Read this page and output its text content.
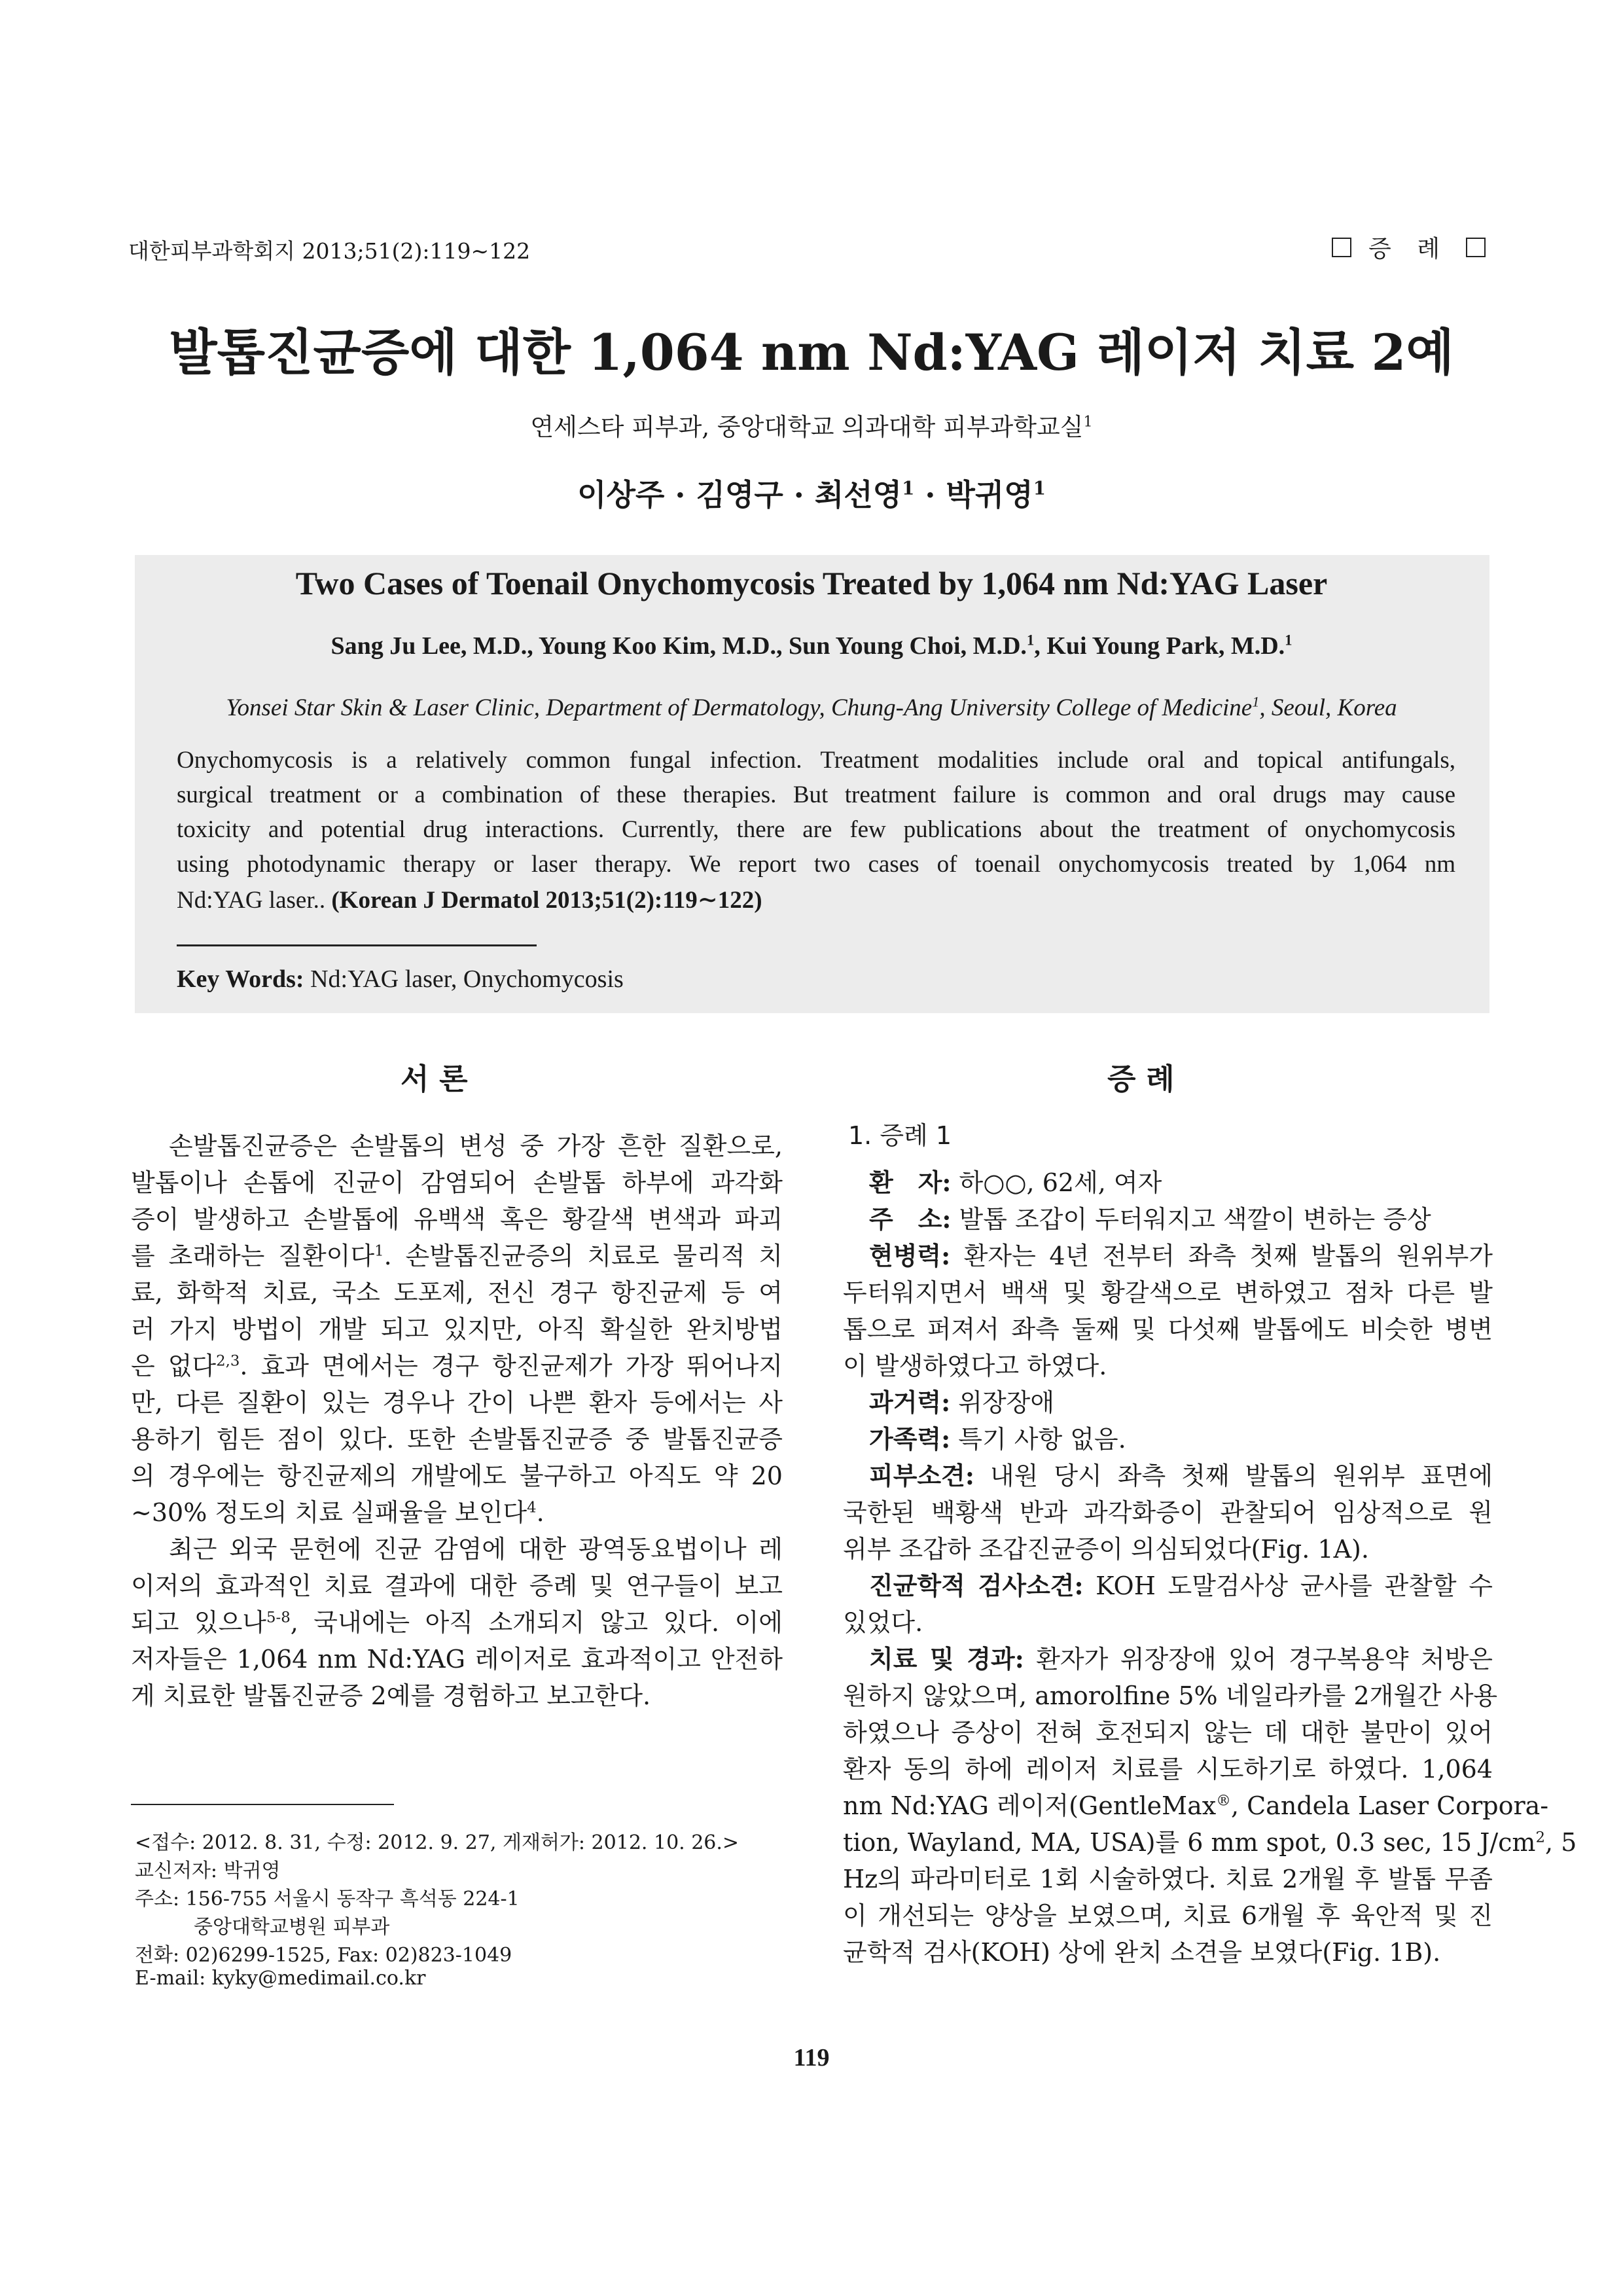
대한피부과학회지 2013;51(2):119∼122	증 례
발톱진균증에 대한 1,064 nm Nd:YAG 레이저 치료 2예
연세스타 피부과, 중앙대학교 의과대학 피부과학교실$^1$
이상주 · 김영구 · 최선영$^1$ · 박귀영$^1$
Two Cases of Toenail Onychomycosis Treated by 1,064 nm Nd:YAG Laser
Sang Ju Lee, M.D., Young Koo Kim, M.D., Sun Young Choi, M.D.$^1$, Kui Young Park, M.D.$^1$
Yonsei Star Skin & Laser Clinic, Department of Dermatology, Chung-Ang University College of Medicine$^1$, Seoul, Korea
Onychomycosis is a relatively common fungal infection. Treatment modalities include oral and topical antifungals,
surgical treatment or a combination of these therapies. But treatment failure is common and oral drugs may cause
toxicity and potential drug interactions. Currently, there are few publications about the treatment of onychomycosis
using photodynamic therapy or laser therapy. We report two cases of toenail onychomycosis treated by 1,064 nm
Nd:YAG laser.. (Korean J Dermatol 2013;51(2):119∼122)
Key Words: Nd:YAG laser, Onychomycosis
서 론	증 례
손발톱진균증은 손발톱의 변성 중 가장 흔한 질환으로,
발톱이나 손톱에 진균이 감염되어 손발톱 하부에 과각화
증이 발생하고 손발톱에 유백색 혹은 황갈색 변색과 파괴
를 초래하는 질환이다$^1$. 손발톱진균증의 치료로 물리적 치
료, 화학적 치료, 국소 도포제, 전신 경구 항진균제 등 여
러 가지 방법이 개발 되고 있지만, 아직 확실한 완치방법
은 없다$^{2,3}$. 효과 면에서는 경구 항진균제가 가장 뛰어나지
만, 다른 질환이 있는 경우나 간이 나쁜 환자 등에서는 사
용하기 힘든 점이 있다. 또한 손발톱진균증 중 발톱진균증
의 경우에는 항진균제의 개발에도 불구하고 아직도 약 20
∼30% 정도의 치료 실패율을 보인다$^4$.
최근 외국 문헌에 진균 감염에 대한 광역동요법이나 레
이저의 효과적인 치료 결과에 대한 증례 및 연구들이 보고
되고 있으나$^{5-8}$, 국내에는 아직 소개되지 않고 있다. 이에
저자들은 1,064 nm Nd:YAG 레이저로 효과적이고 안전하
게 치료한 발톱진균증 2예를 경험하고 보고한다.
1. 증례 1
환　자: 하○○, 62세, 여자
주　소: 발톱 조갑이 두터워지고 색깔이 변하는 증상
현병력: 환자는 4년 전부터 좌측 첫째 발톱의 원위부가
두터워지면서 백색 및 황갈색으로 변하였고 점차 다른 발
톱으로 퍼져서 좌측 둘째 및 다섯째 발톱에도 비슷한 병변
이 발생하였다고 하였다.
과거력: 위장장애
가족력: 특기 사항 없음.
피부소견: 내원 당시 좌측 첫째 발톱의 원위부 표면에
국한된 백황색 반과 과각화증이 관찰되어 임상적으로 원
위부 조갑하 조갑진균증이 의심되었다(Fig. 1A).
진균학적 검사소견: KOH 도말검사상 균사를 관찰할 수
있었다.
치료 및 경과: 환자가 위장장애 있어 경구복용약 처방은
원하지 않았으며, amorolfine 5% 네일라카를 2개월간 사용
하였으나 증상이 전혀 호전되지 않는 데 대한 불만이 있어
환자 동의 하에 레이저 치료를 시도하기로 하였다. 1,064
nm Nd:YAG 레이저(GentleMax®, Candela Laser Corpora-
tion, Wayland, MA, USA)를 6 mm spot, 0.3 sec, 15 $J/cm^2$, 5
Hz의 파라미터로 1회 시술하였다. 치료 2개월 후 발톱 무좀
이 개선되는 양상을 보였으며, 치료 6개월 후 육안적 및 진
균학적 검사(KOH) 상에 완치 소견을 보였다(Fig. 1B).
<접수: 2012. 8. 31, 수정: 2012. 9. 27, 게재허가: 2012. 10. 26.>
교신저자: 박귀영
주소: 156-755 서울시 동작구 흑석동 224-1
중앙대학교병원 피부과
전화: 02)6299-1525, Fax: 02)823-1049
E-mail: kyky@medimail.co.kr
119
